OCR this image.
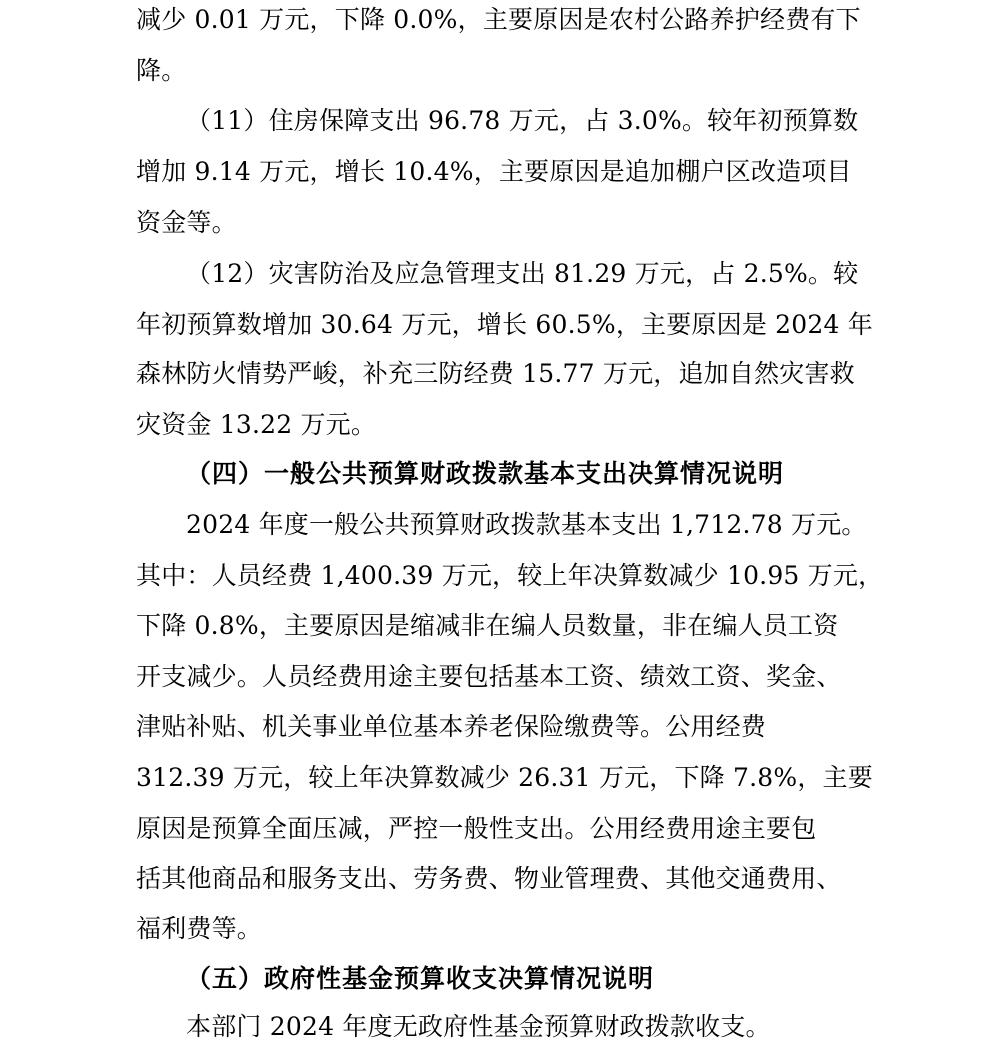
减少 0.01 万元，下降 0.0%，主要原因是农村公路养护经费有下
降。
（11）住房保障支出 96.78 万元，占 3.0%。较年初预算数
增加 9.14 万元，增长 10.4%，主要原因是追加棚户区改造项目
资金等。
（12）灾害防治及应急管理支出 81.29 万元，占 2.5%。较
年初预算数增加 30.64 万元，增长 60.5%，主要原因是 2024 年
森林防火情势严峻，补充三防经费 15.77 万元，追加自然灾害救
灾资金 13.22 万元。
（四）一般公共预算财政拨款基本支出决算情况说明
2024 年度一般公共预算财政拨款基本支出 1,712.78 万元。
其中：人员经费 1,400.39 万元，较上年决算数减少 10.95 万元，
下降 0.8%，主要原因是缩减非在编人员数量，非在编人员工资
开支减少。人员经费用途主要包括基本工资、绩效工资、奖金、
津贴补贴、机关事业单位基本养老保险缴费等。公用经费
312.39 万元，较上年决算数减少 26.31 万元，下降 7.8%，主要
原因是预算全面压减，严控一般性支出。公用经费用途主要包
括其他商品和服务支出、劳务费、物业管理费、其他交通费用、
福利费等。
（五）政府性基金预算收支决算情况说明
本部门 2024 年度无政府性基金预算财政拨款收支。
